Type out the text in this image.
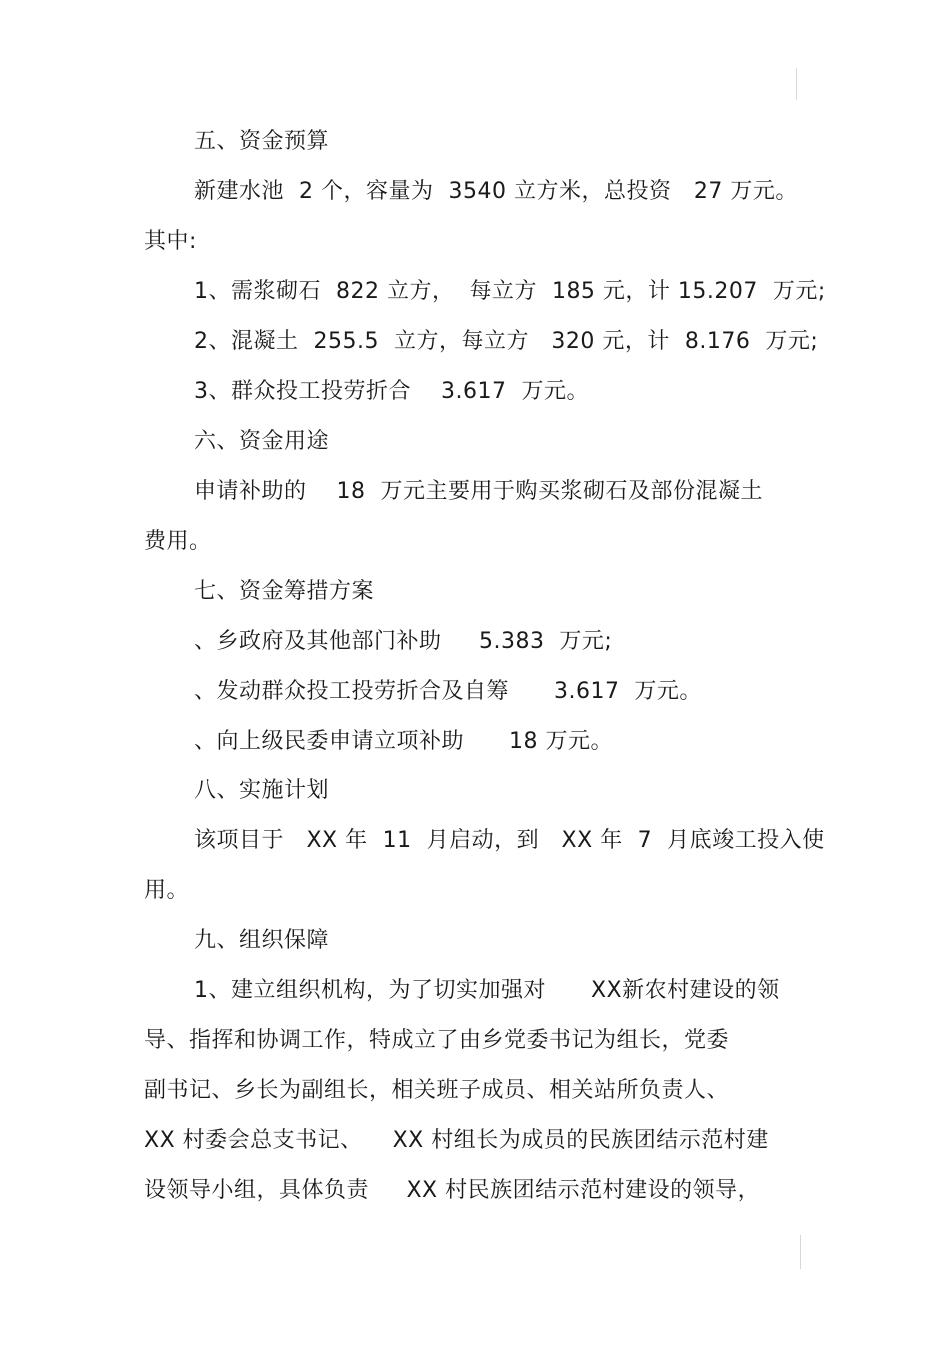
五、资金预算
新建水池  2 个，容量为  3540 立方米，总投资   27 万元。
其中:
1、需浆砌石  822 立方，  每立方  185 元，计 15.207  万元;
2、混凝土  255.5  立方，每立方   320 元，计  8.176  万元;
3、群众投工投劳折合    3.617  万元。
六、资金用途
申请补助的    18  万元主要用于购买浆砌石及部份混凝土
费用。
七、资金筹措方案
、乡政府及其他部门补助     5.383  万元;
、发动群众投工投劳折合及自筹      3.617  万元。
、向上级民委申请立项补助      18 万元。
八、实施计划
该项目于   XX 年  11  月启动，到   XX 年  7  月底竣工投入使
用。
九、组织保障
1、建立组织机构，为了切实加强对      XX新农村建设的领
导、指挥和协调工作，特成立了由乡党委书记为组长，党委
副书记、乡长为副组长，相关班子成员、相关站所负责人、
XX 村委会总支书记、    XX 村组长为成员的民族团结示范村建
设领导小组，具体负责     XX 村民族团结示范村建设的领导，
